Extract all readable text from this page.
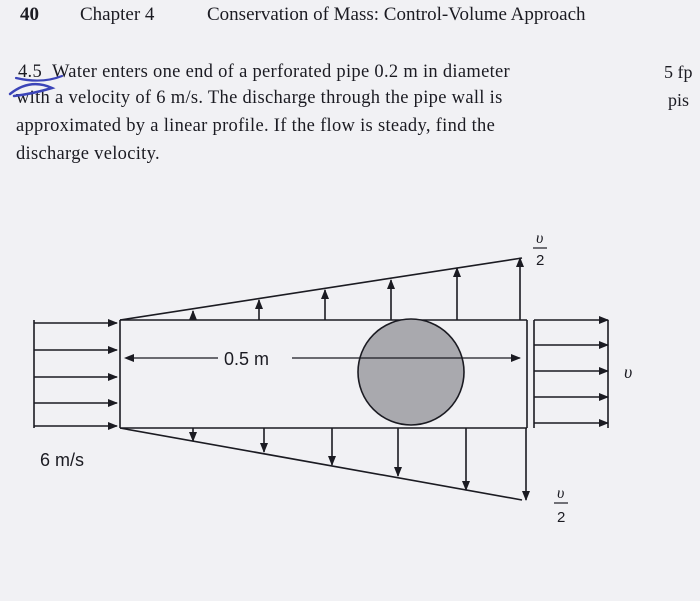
40 Chapter 4	Conservation of Mass: Control-Volume Approach
4.5 Water enters one end of a perforated pipe 0.2 m in diameter
with a velocity of 6 m/s. The discharge through the pipe wall is
approximated by a linear profile. If the flow is steady, find the
discharge velocity.
5 fp
pis
0.5 m
6 m/s
υ
υ
2
υ
2
